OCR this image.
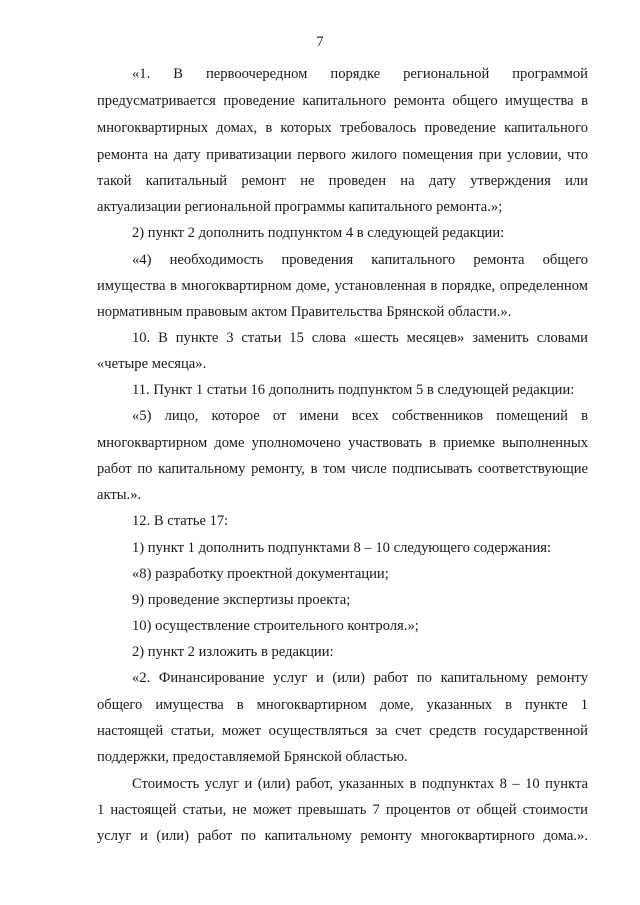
7
«1. В первоочередном порядке региональной программой
предусматривается проведение капитального ремонта общего имущества в
многоквартирных домах, в которых требовалось проведение капитального
ремонта на дату приватизации первого жилого помещения при условии, что
такой капитальный ремонт не проведен на дату утверждения или
актуализации региональной программы капитального ремонта.»;
2) пункт 2 дополнить подпунктом 4 в следующей редакции:
«4) необходимость проведения капитального ремонта общего
имущества в многоквартирном доме, установленная в порядке, определенном
нормативным правовым актом Правительства Брянской области.».
10. В пункте 3 статьи 15 слова «шесть месяцев» заменить словами
«четыре месяца».
11. Пункт 1 статьи 16 дополнить подпунктом 5 в следующей редакции:
«5) лицо, которое от имени всех собственников помещений в
многоквартирном доме уполномочено участвовать в приемке выполненных
работ по капитальному ремонту, в том числе подписывать соответствующие
акты.».
12. В статье 17:
1) пункт 1 дополнить подпунктами 8 – 10 следующего содержания:
«8) разработку проектной документации;
9) проведение экспертизы проекта;
10) осуществление строительного контроля.»;
2) пункт 2 изложить в редакции:
«2. Финансирование услуг и (или) работ по капитальному ремонту
общего имущества в многоквартирном доме, указанных в пункте 1
настоящей статьи, может осуществляться за счет средств государственной
поддержки, предоставляемой Брянской областью.
Стоимость услуг и (или) работ, указанных в подпунктах 8 – 10 пункта
1 настоящей статьи, не может превышать 7 процентов от общей стоимости
услуг и (или) работ по капитальному ремонту многоквартирного дома.».
